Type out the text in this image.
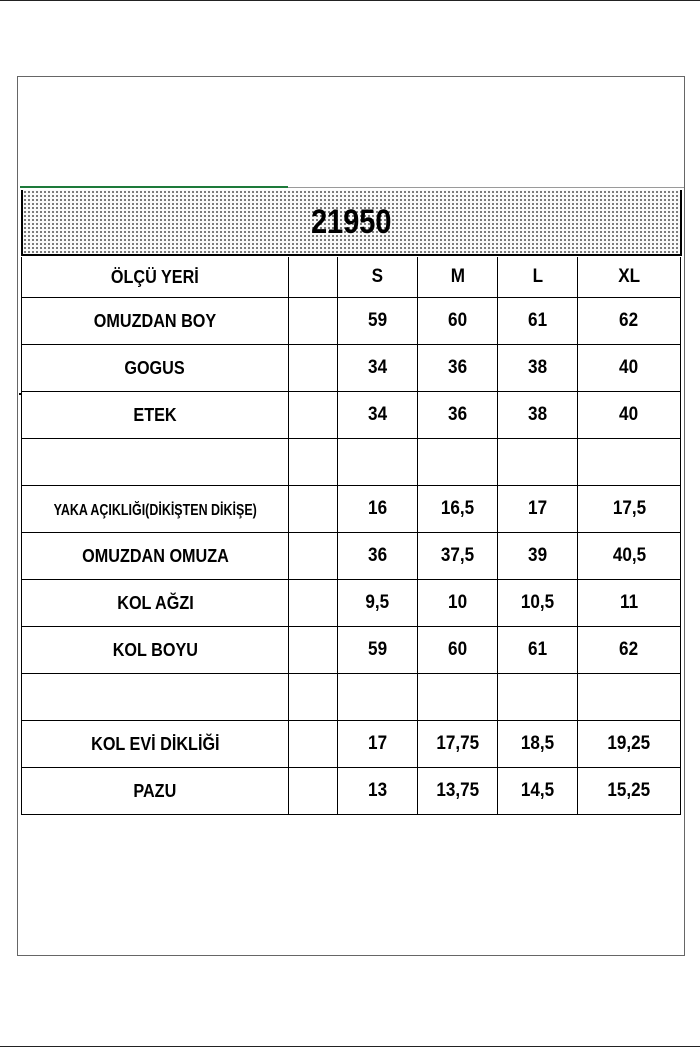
21950
ÖLÇÜ YERİ		S	M	L	XL
OMUZDAN BOY		59	60	61	62
GOGUS		34	36	38	40
ETEK		34	36	38	40

YAKA AÇIKLIĞI(DİKİŞTEN DİKİŞE)		16	16,5	17	17,5
OMUZDAN OMUZA		36	37,5	39	40,5
KOL AĞZI		9,5	10	10,5	11
KOL BOYU		59	60	61	62

KOL EVİ DİKLİĞİ		17	17,75	18,5	19,25
PAZU		13	13,75	14,5	15,25
